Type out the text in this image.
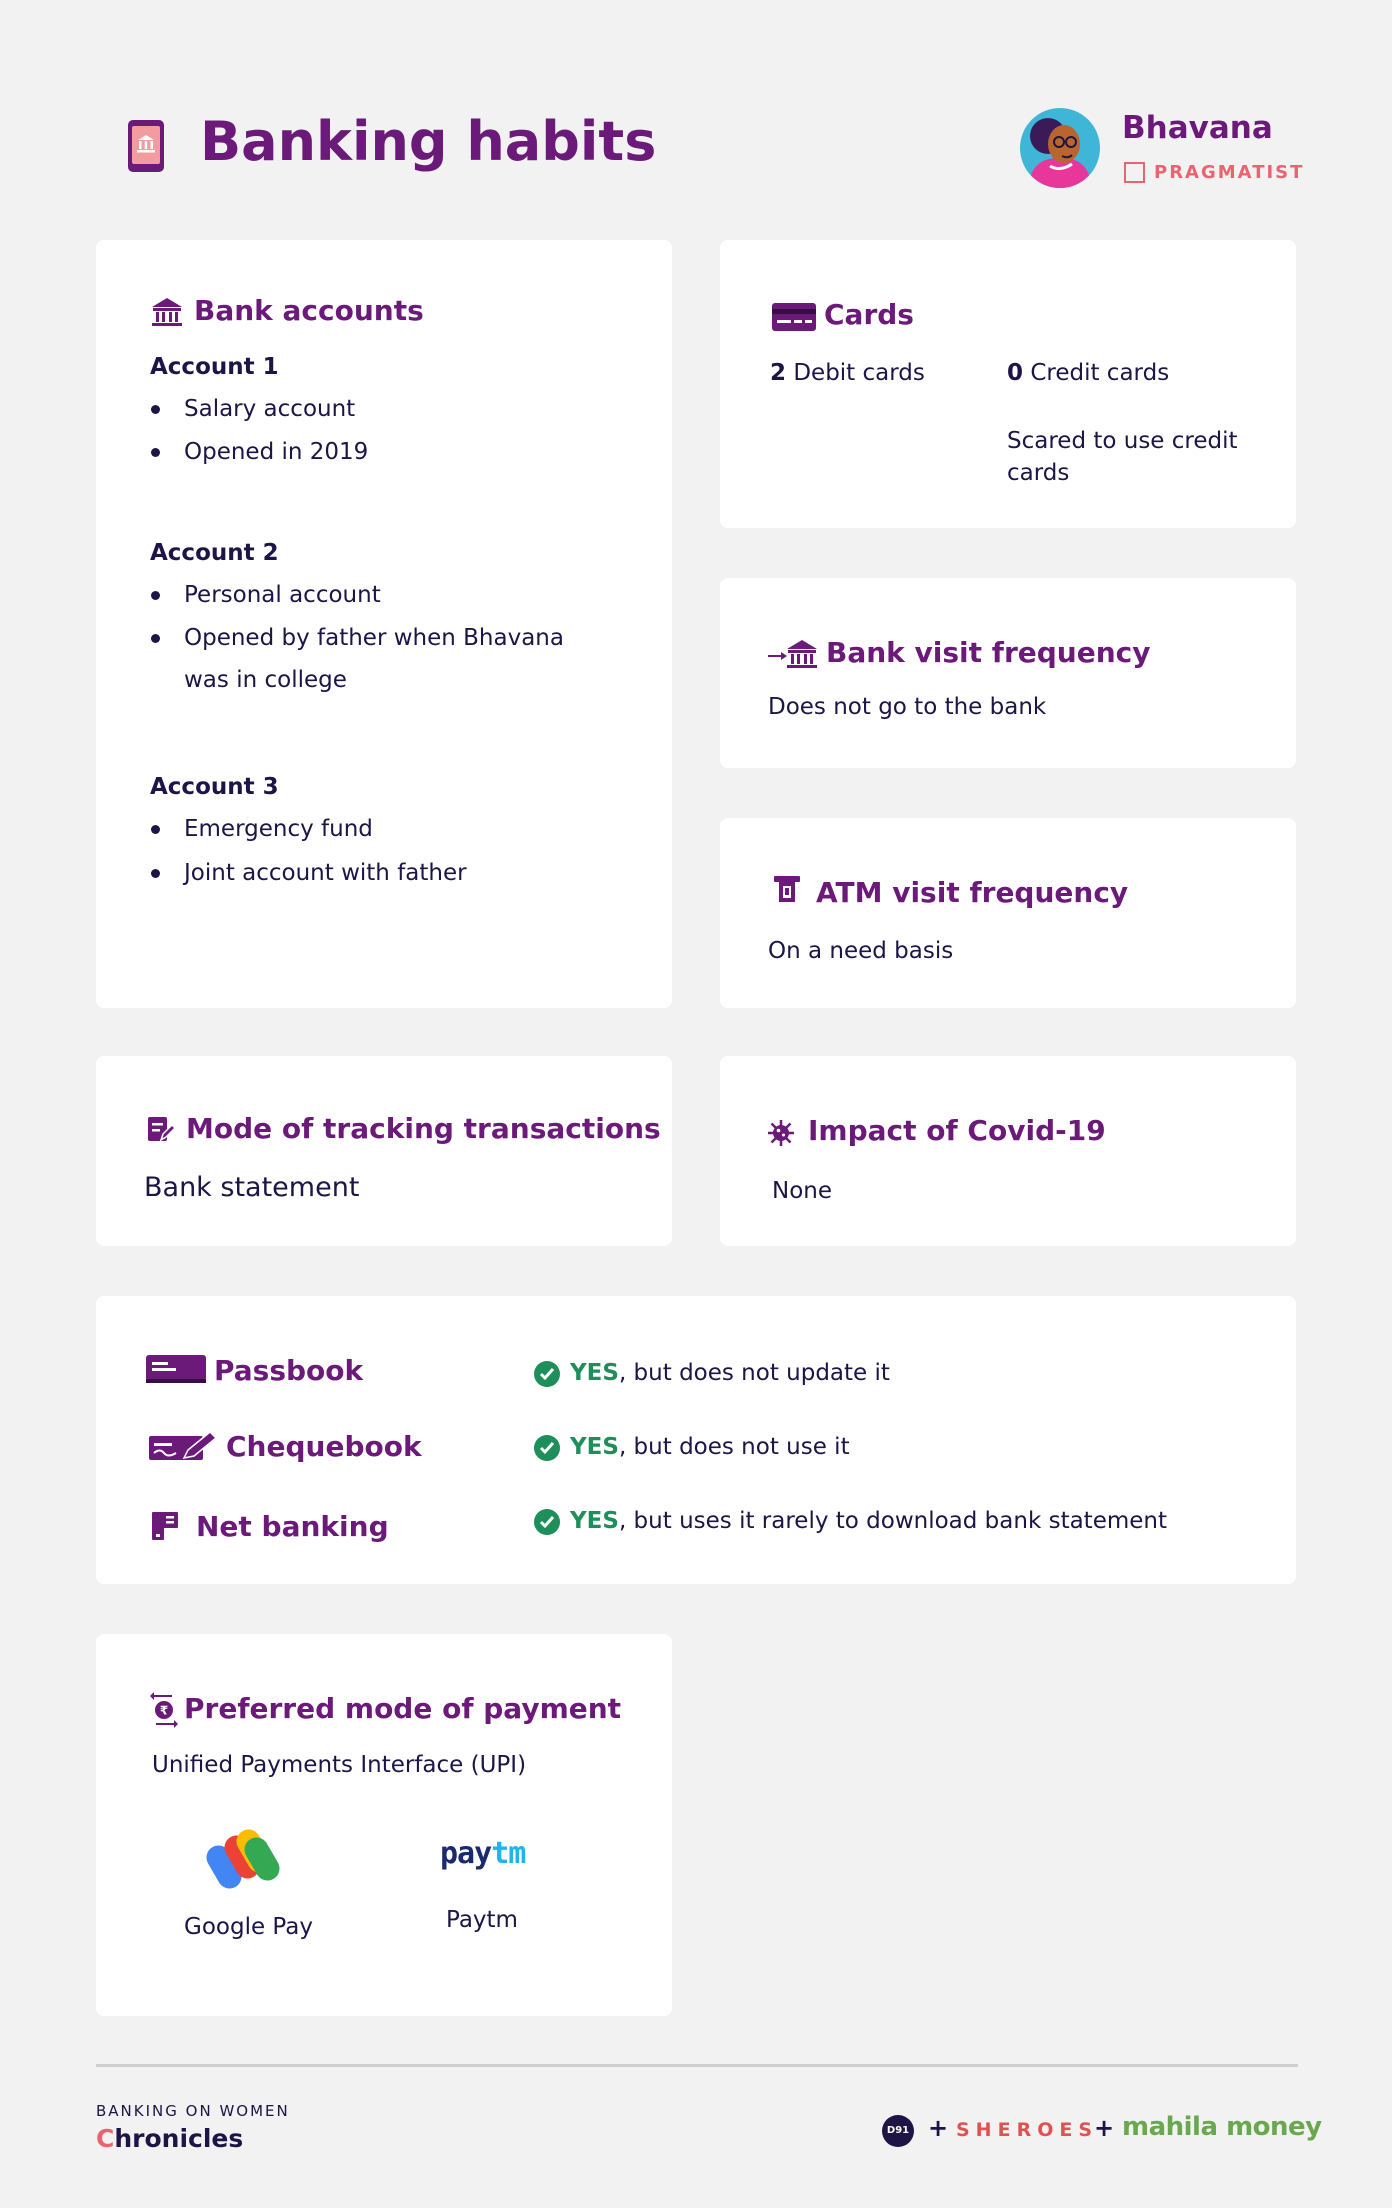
Banking habits	Bhavana
PRAGMATIST
Bank accounts
Account 1
Salary account
Opened in 2019
Account 2
Personal account
Opened by father when Bhavana
was in college
Account 3
Emergency fund
Joint account with father
Cards
2 Debit cards	0 Credit cards
Scared to use credit
cards
Bank visit frequency
Does not go to the bank
ATM visit frequency
On a need basis
Mode of tracking transactions
Bank statement
Impact of Covid-19
None
Passbook	YES, but does not update it
Chequebook	YES, but does not use it
Net banking	YES, but uses it rarely to download bank statement
₹ Preferred mode of payment
Unified Payments Interface (UPI)
Google Pay
paytm
Paytm
BANKING ON WOMEN
Chronicles	D91 + SHEROES
+ mahila money
